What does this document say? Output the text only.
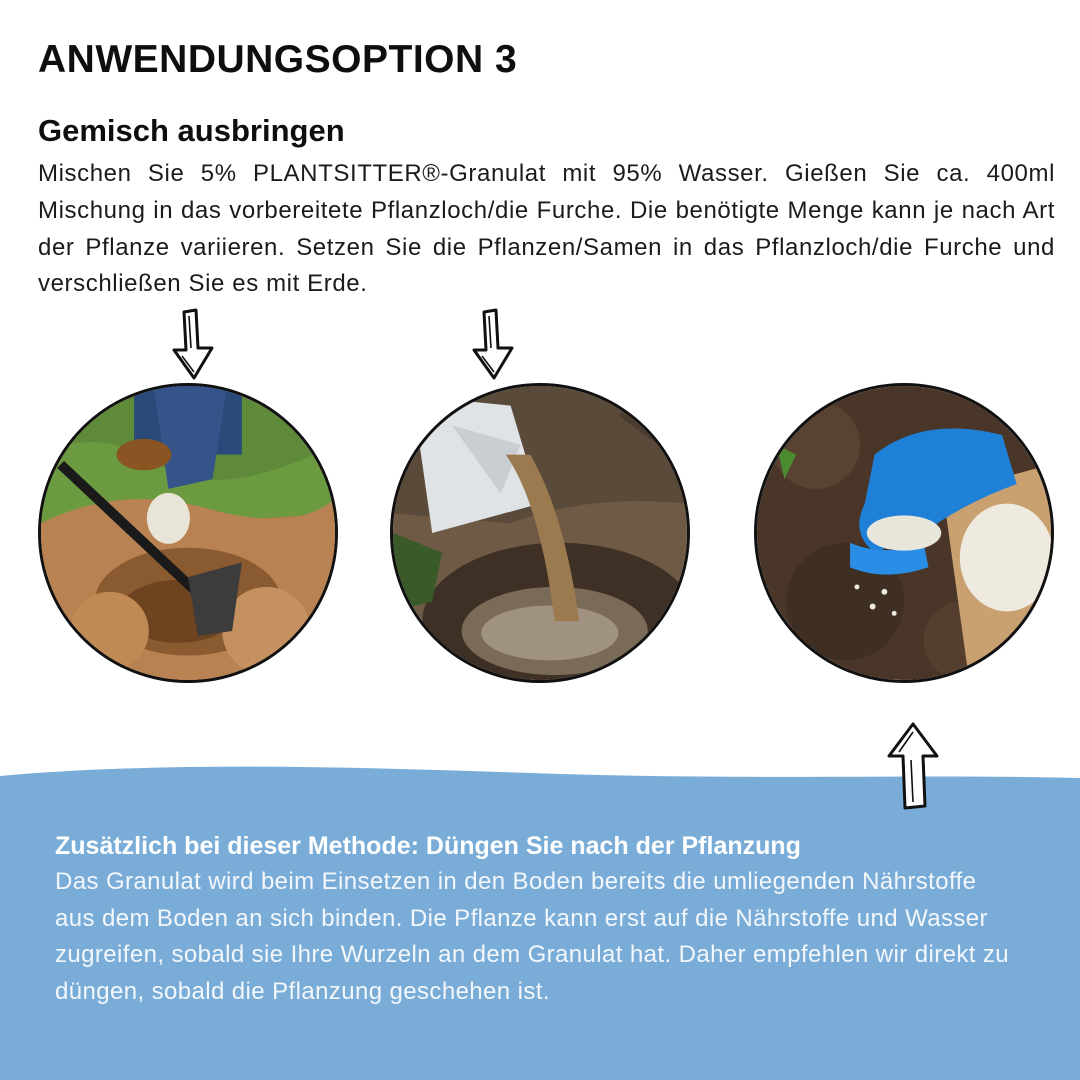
ANWENDUNGSOPTION 3
Gemisch ausbringen

Mischen Sie 5% PLANTSITTER®-Granulat mit 95% Wasser. Gießen Sie ca. 400ml Mischung in das vorbereitete Pflanzloch/die Furche. Die benötigte Menge kann je nach Art der Pflanze variieren. Setzen Sie die Pflanzen/Samen in das Pflanzloch/die Furche und verschließen Sie es mit Erde.

Zusätzlich bei dieser Methode: Düngen Sie nach der Pflanzung

Das Granulat wird beim Einsetzen in den Boden bereits die umliegenden Nährstoffe aus dem Boden an sich binden. Die Pflanze kann erst auf die Nährstoffe und Wasser zugreifen, sobald sie Ihre Wurzeln an dem Granulat hat. Daher empfehlen wir direkt zu düngen, sobald die Pflanzung geschehen ist.
